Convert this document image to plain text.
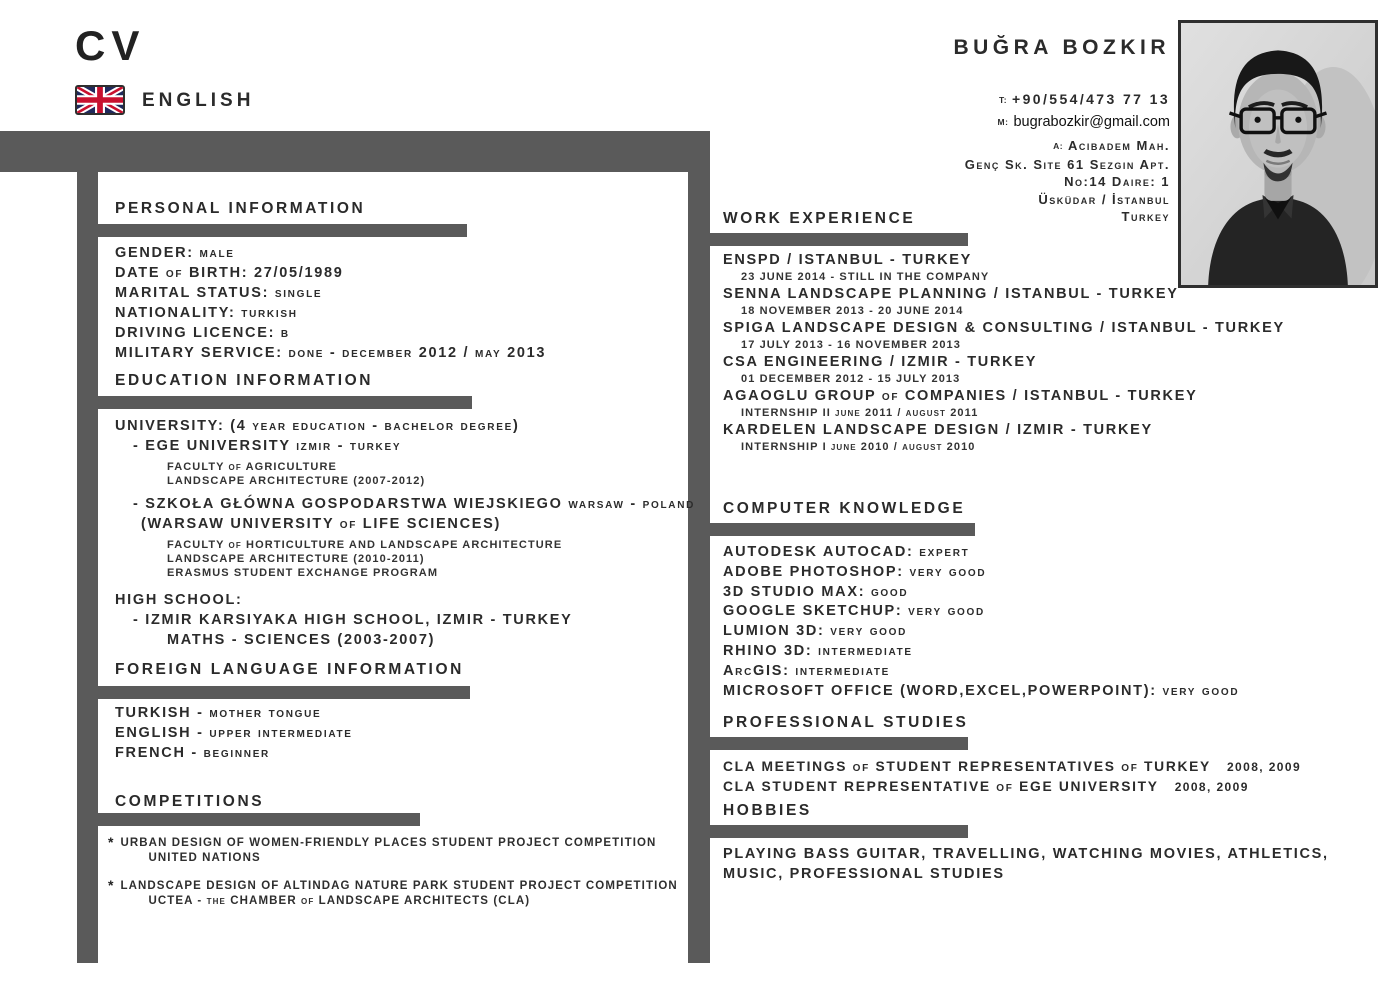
CV
ENGLISH
BUĞRA BOZKIR
T: +90/554/473 77 13
M: bugrabozkir@gmail.com
A: Acibadem Mah.
Genç Sk. Site 61 Sezgin Apt.
No:14 Daire: 1
Üsküdar / İstanbul
Turkey
PERSONAL INFORMATION
GENDER: male
DATE of BIRTH: 27/05/1989
MARITAL STATUS: single
NATIONALITY: turkish
DRIVING LICENCE: b
MILITARY SERVICE: done - december 2012 / may 2013
EDUCATION INFORMATION
UNIVERSITY: (4 year education - bachelor degree)
- EGE UNIVERSITY izmir - turkey
FACULTY of AGRICULTURE
LANDSCAPE ARCHITECTURE (2007-2012)
- SZKOŁA GŁÓWNA GOSPODARSTWA WIEJSKIEGO warsaw - poland
(WARSAW UNIVERSITY of LIFE SCIENCES)
FACULTY of HORTICULTURE AND LANDSCAPE ARCHITECTURE
LANDSCAPE ARCHITECTURE (2010-2011)
ERASMUS STUDENT EXCHANGE PROGRAM
HIGH SCHOOL:
- IZMIR KARSIYAKA HIGH SCHOOL, IZMIR - TURKEY
MATHS - SCIENCES (2003-2007)
FOREIGN LANGUAGE INFORMATION
TURKISH - mother tongue
ENGLISH - upper intermediate
FRENCH - beginner
COMPETITIONS
* URBAN DESIGN OF WOMEN-FRIENDLY PLACES STUDENT PROJECT COMPETITION
UNITED NATIONS
* LANDSCAPE DESIGN OF ALTINDAG NATURE PARK STUDENT PROJECT COMPETITION
UCTEA - the CHAMBER of LANDSCAPE ARCHITECTS (CLA)
WORK EXPERIENCE
ENSPD / ISTANBUL - TURKEY
23 JUNE 2014 - STILL IN THE COMPANY
SENNA LANDSCAPE PLANNING / ISTANBUL - TURKEY
18 NOVEMBER 2013 - 20 JUNE 2014
SPIGA LANDSCAPE DESIGN & CONSULTING / ISTANBUL - TURKEY
17 JULY 2013 - 16 NOVEMBER 2013
CSA ENGINEERING / IZMIR - TURKEY
01 DECEMBER 2012 - 15 JULY 2013
AGAOGLU GROUP of COMPANIES / ISTANBUL - TURKEY
INTERNSHIP II june 2011 / august 2011
KARDELEN LANDSCAPE DESIGN / IZMIR - TURKEY
INTERNSHIP I june 2010 / august 2010
COMPUTER KNOWLEDGE
AUTODESK AUTOCAD: expert
ADOBE PHOTOSHOP: very good
3D STUDIO MAX: good
GOOGLE SKETCHUP: very good
LUMION 3D: very good
RHINO 3D: intermediate
ArcGIS: intermediate
MICROSOFT OFFICE (WORD,EXCEL,POWERPOINT): very good
PROFESSIONAL STUDIES
CLA MEETINGS of STUDENT REPRESENTATIVES of TURKEY 2008, 2009
CLA STUDENT REPRESENTATIVE of EGE UNIVERSITY 2008, 2009
HOBBIES
PLAYING BASS GUITAR, TRAVELLING, WATCHING MOVIES, ATHLETICS, MUSIC, PROFESSIONAL STUDIES
